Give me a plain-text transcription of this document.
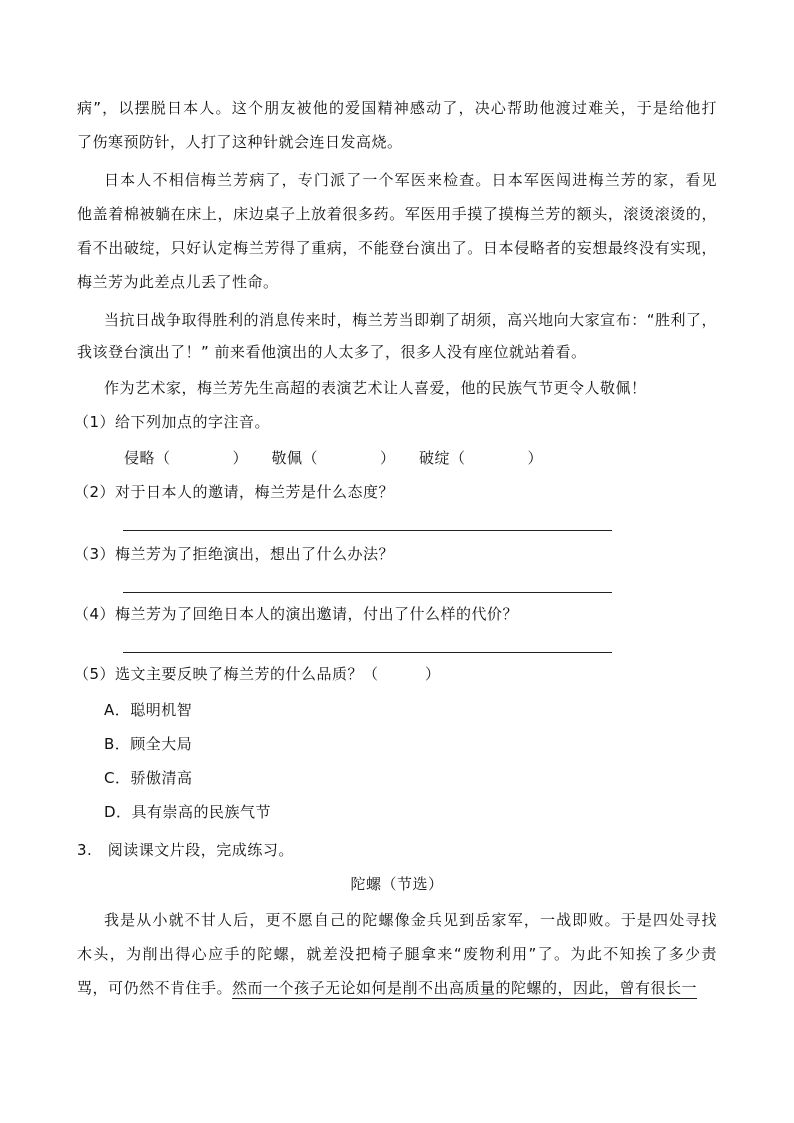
病”，以摆脱日本人。这个朋友被他的爱国精神感动了，决心帮助他渡过难关，于是给他打
了伤寒预防针，人打了这种针就会连日发高烧。
日本人不相信梅兰芳病了，专门派了一个军医来检查。日本军医闯进梅兰芳的家，看见
他盖着棉被躺在床上，床边桌子上放着很多药。军医用手摸了摸梅兰芳的额头，滚烫滚烫的，
看不出破绽，只好认定梅兰芳得了重病，不能登台演出了。日本侵略者的妄想最终没有实现，
梅兰芳为此差点儿丢了性命。
当抗日战争取得胜利的消息传来时，梅兰芳当即剃了胡须，高兴地向大家宣布：“胜利了，
我该登台演出了！” 前来看他演出的人太多了，很多人没有座位就站着看。
作为艺术家，梅兰芳先生高超的表演艺术让人喜爱，他的民族气节更令人敬佩！
（1）给下列加点的字注音。
侵略（　　　　）　　敬佩（　　　　）　　破绽（　　　　）
（2）对于日本人的邀请，梅兰芳是什么态度？
（3）梅兰芳为了拒绝演出，想出了什么办法？
（4）梅兰芳为了回绝日本人的演出邀请，付出了什么样的代价？
（5）选文主要反映了梅兰芳的什么品质？（　　　）
A．聪明机智
B．顾全大局
C．骄傲清高
D．具有崇高的民族气节
3.　阅读课文片段，完成练习。
陀螺（节选）
我是从小就不甘人后，更不愿自己的陀螺像金兵见到岳家军，一战即败。于是四处寻找
木头，为削出得心应手的陀螺，就差没把椅子腿拿来“废物利用”了。为此不知挨了多少责
骂，可仍然不肯住手。然而一个孩子无论如何是削不出高质量的陀螺的，因此，曾有很长一
